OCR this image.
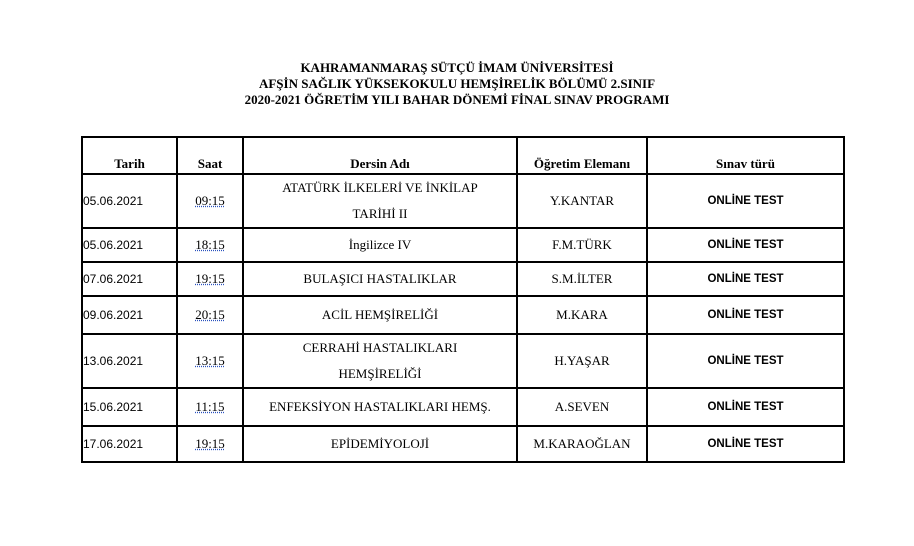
KAHRAMANMARAŞ SÜTÇÜ İMAM ÜNİVERSİTESİ
AFŞİN SAĞLIK YÜKSEKOKULU HEMŞİRELİK BÖLÜMÜ 2.SINIF
2020-2021 ÖĞRETİM YILI BAHAR DÖNEMİ FİNAL SINAV PROGRAMI
Tarih	Saat	Dersin Adı	Öğretim Elemanı	Sınav türü
05.06.2021	09:15	ATATÜRK İLKELERİ VE İNKİLAP TARİHİ II	Y.KANTAR	ONLİNE TEST
05.06.2021	18:15	İngilizce IV	F.M.TÜRK	ONLİNE TEST
07.06.2021	19:15	BULAŞICI HASTALIKLAR	S.M.İLTER	ONLİNE TEST
09.06.2021	20:15	ACİL HEMŞİRELİĞİ	M.KARA	ONLİNE TEST
13.06.2021	13:15	CERRAHİ HASTALIKLARI HEMŞİRELİĞİ	H.YAŞAR	ONLİNE TEST
15.06.2021	11:15	ENFEKSİYON HASTALIKLARI HEMŞ.	A.SEVEN	ONLİNE TEST
17.06.2021	19:15	EPİDEMİYOLOJİ	M.KARAOĞLAN	ONLİNE TEST
